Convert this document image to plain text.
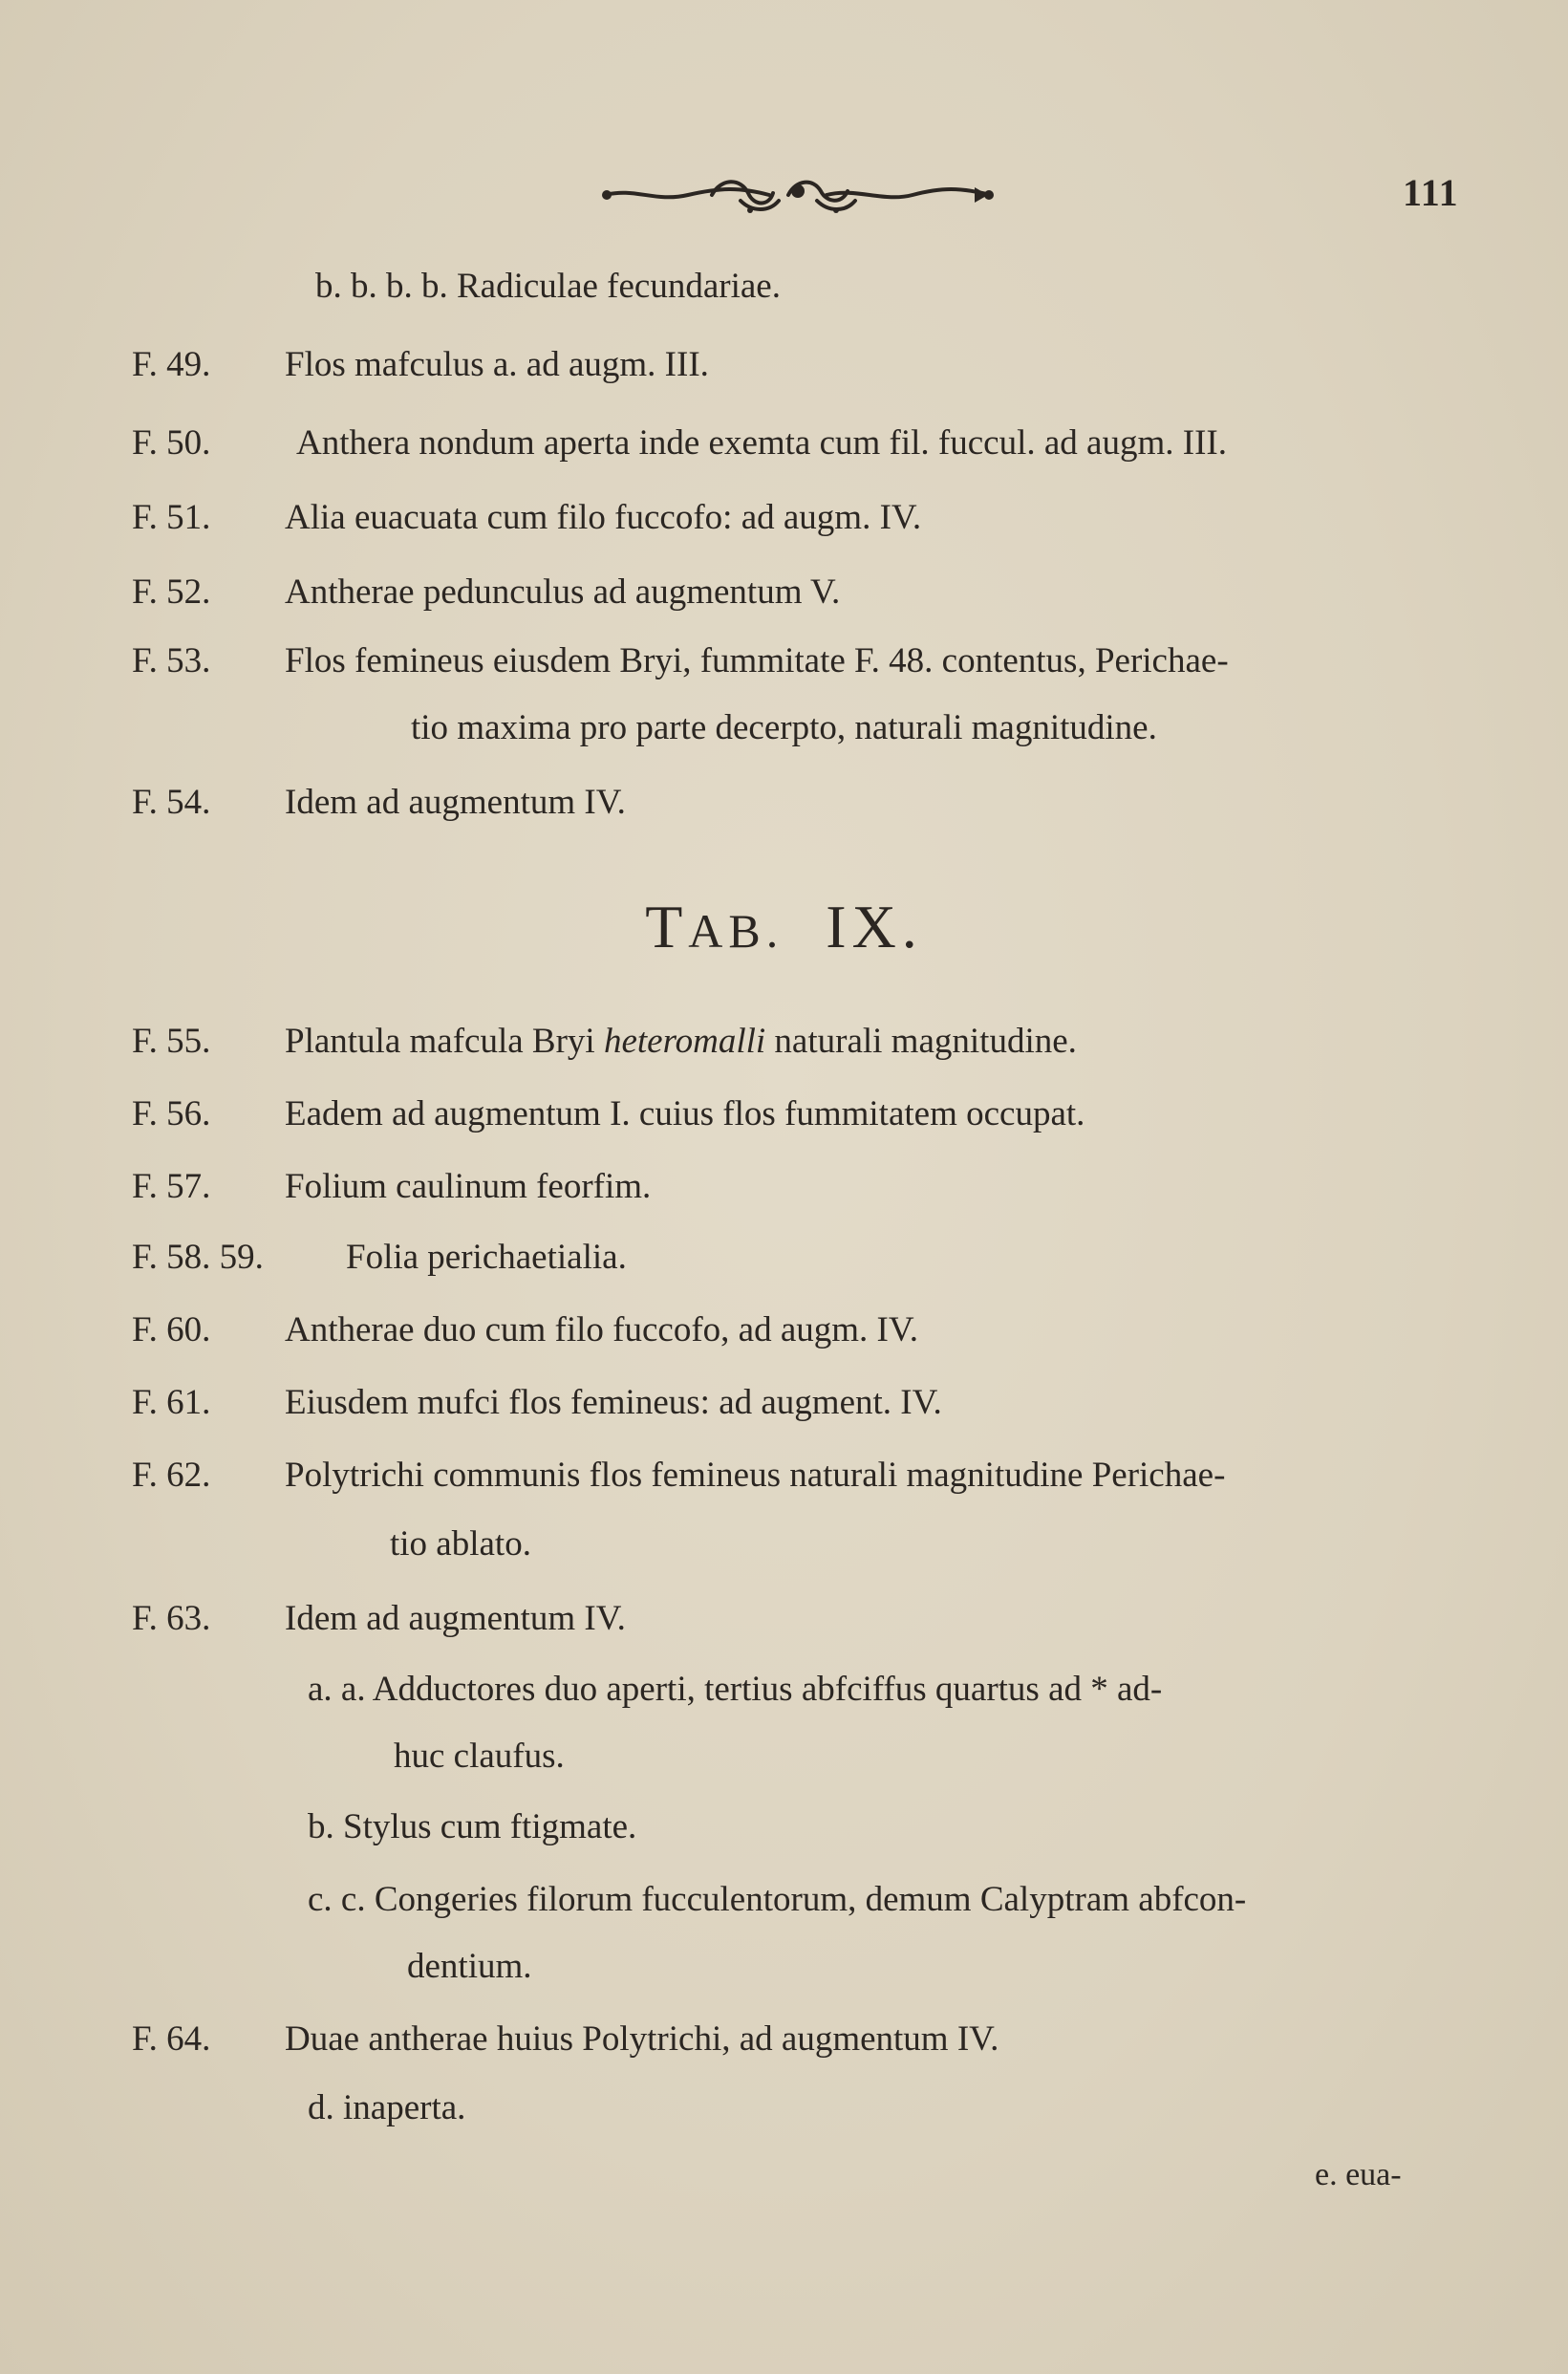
111
b. b. b. b. Radiculae fecundariae.
F. 49. Flos mafculus a. ad augm. III.
F. 50. Anthera nondum aperta inde exemta cum fil. fuccul. ad augm. III.
F. 51. Alia euacuata cum filo fuccofo: ad augm. IV.
F. 52. Antherae pedunculus ad augmentum V.
F. 53. Flos femineus eiusdem Bryi, fummitate F. 48. contentus, Perichae-
tio maxima pro parte decerpto, naturali magnitudine.
F. 54. Idem ad augmentum IV.
TAB. IX.
F. 55. Plantula mafcula Bryi heteromalli naturali magnitudine.
F. 56. Eadem ad augmentum I. cuius flos fummitatem occupat.
F. 57. Folium caulinum feorfim.
F. 58. 59. Folia perichaetialia.
F. 60. Antherae duo cum filo fuccofo, ad augm. IV.
F. 61. Eiusdem mufci flos femineus: ad augment. IV.
F. 62. Polytrichi communis flos femineus naturali magnitudine Perichae-
tio ablato.
F. 63. Idem ad augmentum IV.
a. a. Adductores duo aperti, tertius abfciffus quartus ad * ad-
huc claufus.
b. Stylus cum ftigmate.
c. c. Congeries filorum fucculentorum, demum Calyptram abfcon-
dentium.
F. 64. Duae antherae huius Polytrichi, ad augmentum IV.
d. inaperta.
e. eua-
